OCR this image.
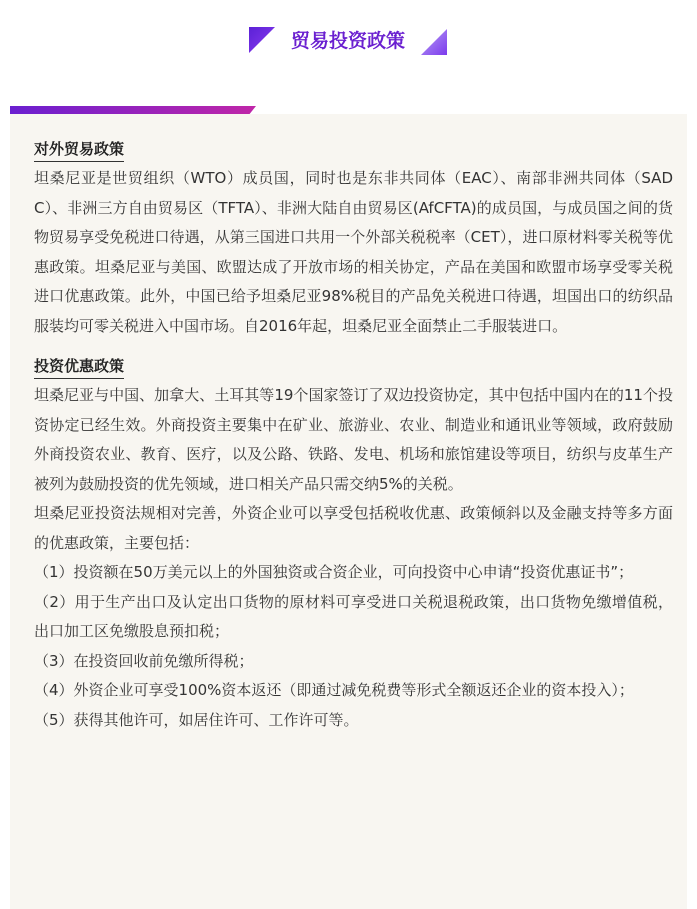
贸易投资政策
对外贸易政策

坦桑尼亚是世贸组织（WTO）成员国，同时也是东非共同体（EAC）、南部非洲共同体（SADC）、非洲三方自由贸易区（TFTA）、非洲大陆自由贸易区(AfCFTA)的成员国，与成员国之间的货物贸易享受免税进口待遇，从第三国进口共用一个外部关税税率（CET），进口原材料零关税等优惠政策。坦桑尼亚与美国、欧盟达成了开放市场的相关协定，产品在美国和欧盟市场享受零关税进口优惠政策。此外，中国已给予坦桑尼亚98%税目的产品免关税进口待遇，坦国出口的纺织品服装均可零关税进入中国市场。自2016年起，坦桑尼亚全面禁止二手服装进口。

投资优惠政策

坦桑尼亚与中国、加拿大、土耳其等19个国家签订了双边投资协定，其中包括中国内在的11个投资协定已经生效。外商投资主要集中在矿业、旅游业、农业、制造业和通讯业等领域，政府鼓励外商投资农业、教育、医疗，以及公路、铁路、发电、机场和旅馆建设等项目，纺织与皮革生产被列为鼓励投资的优先领域，进口相关产品只需交纳5%的关税。

坦桑尼亚投资法规相对完善，外资企业可以享受包括税收优惠、政策倾斜以及金融支持等多方面的优惠政策，主要包括：

（1）投资额在50万美元以上的外国独资或合资企业，可向投资中心申请“投资优惠证书”；

（2）用于生产出口及认定出口货物的原材料可享受进口关税退税政策，出口货物免缴增值税，出口加工区免缴股息预扣税；

（3）在投资回收前免缴所得税；

（4）外资企业可享受100%资本返还（即通过减免税费等形式全额返还企业的资本投入）；

（5）获得其他许可，如居住许可、工作许可等。
